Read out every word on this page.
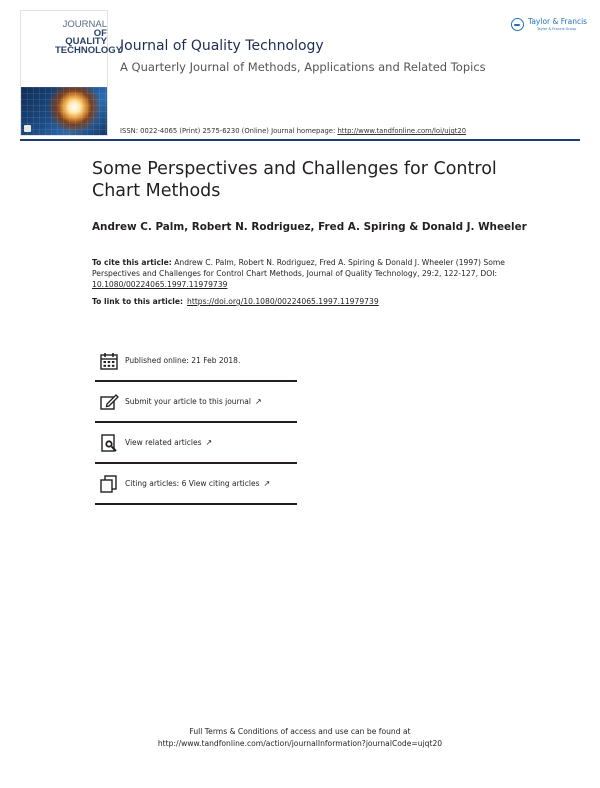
JOURNAL
OF QUALITY
TECHNOLOGY
Journal of Quality Technology
A Quarterly Journal of Methods, Applications and Related Topics
ISSN: 0022-4065 (Print) 2575-6230 (Online) Journal homepage: http://www.tandfonline.com/loi/ujqt20
Taylor & Francis
Taylor & Francis Group
Some Perspectives and Challenges for Control Chart Methods
Andrew C. Palm, Robert N. Rodriguez, Fred A. Spiring & Donald J. Wheeler
To cite this article: Andrew C. Palm, Robert N. Rodriguez, Fred A. Spiring & Donald J. Wheeler (1997) Some Perspectives and Challenges for Control Chart Methods, Journal of Quality Technology, 29:2, 122-127, DOI: 10.1080/00224065.1997.11979739
To link to this article: https://doi.org/10.1080/00224065.1997.11979739
Published online: 21 Feb 2018.
Submit your article to this journal ↗
View related articles ↗
Citing articles: 6 View citing articles ↗
Full Terms & Conditions of access and use can be found at
http://www.tandfonline.com/action/journalInformation?journalCode=ujqt20
